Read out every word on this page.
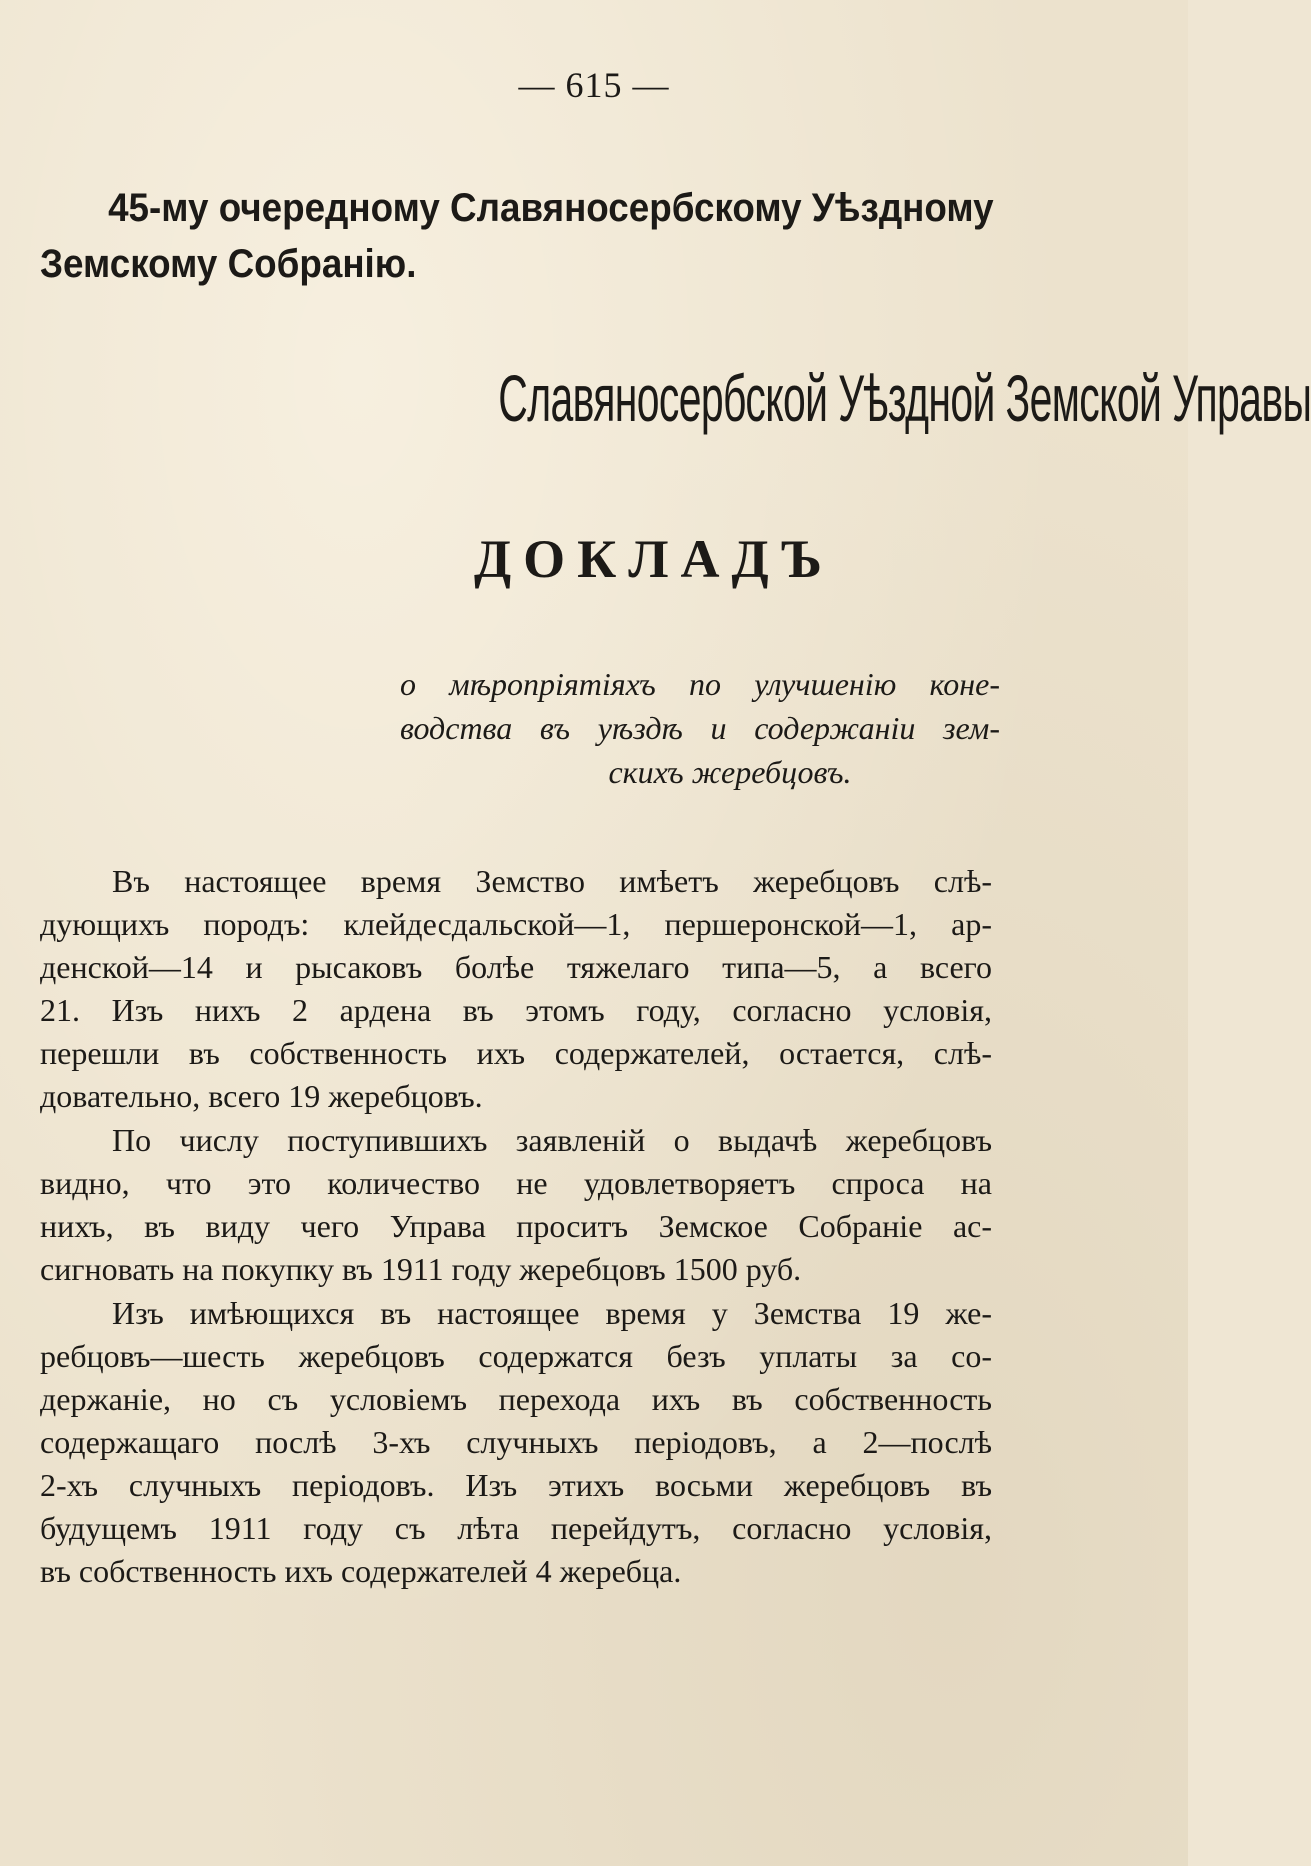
— 615 —
45-му очередному Славяносербскому Уѣздному
Земскому Собранію.
Славяносербской Уѣздной Земской Управы
ДОКЛАДЪ
о мѣропріятіяхъ по улучшенію коне-
водства въ уѣздѣ и содержаніи зем-
скихъ жеребцовъ.
Въ настоящее время Земство имѣетъ жеребцовъ слѣ-
дующихъ породъ: клейдесдальской—1, першеронской—1, ар-
денской—14 и рысаковъ болѣе тяжелаго типа—5, а всего
21. Изъ нихъ 2 ардена въ этомъ году, согласно условія,
перешли въ собственность ихъ содержателей, остается, слѣ-
довательно, всего 19 жеребцовъ.
По числу поступившихъ заявленій о выдачѣ жеребцовъ
видно, что это количество не удовлетворяетъ спроса на
нихъ, въ виду чего Управа проситъ Земское Собраніе ас-
сигновать на покупку въ 1911 году жеребцовъ 1500 руб.
Изъ имѣющихся въ настоящее время у Земства 19 же-
ребцовъ—шесть жеребцовъ содержатся безъ уплаты за со-
держаніе, но съ условіемъ перехода ихъ въ собственность
содержащаго послѣ 3-хъ случныхъ періодовъ, а 2—послѣ
2-хъ случныхъ періодовъ. Изъ этихъ восьми жеребцовъ въ
будущемъ 1911 году съ лѣта перейдутъ, согласно условія,
въ собственность ихъ содержателей 4 жеребца.
